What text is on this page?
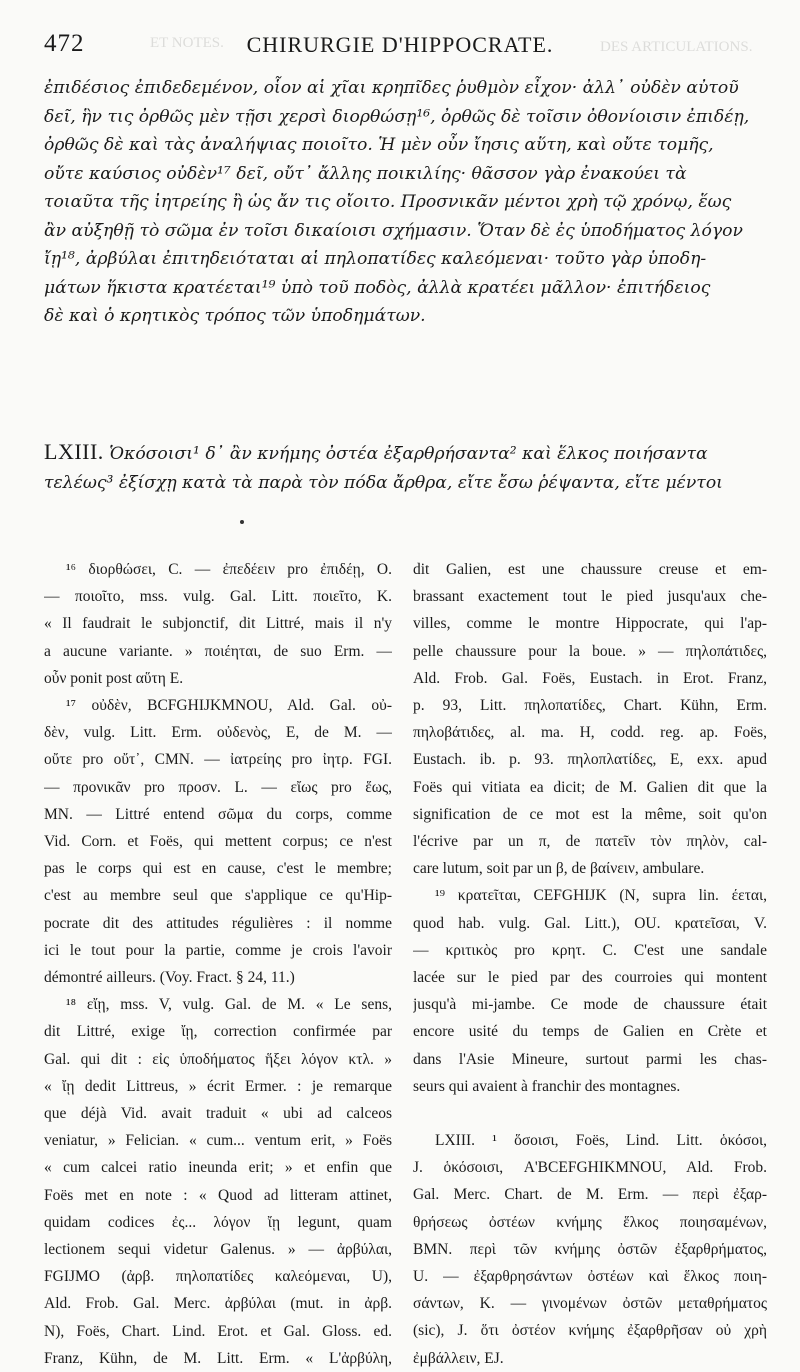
DES ARTICULATIONS.
ET NOTES.
472	CHIRURGIE D'HIPPOCRATE.
ἐπιδέσιος ἐπιδεδεμένον, οἷον αἱ χῖαι κρηπῖδες ῥυθμὸν εἶχον· ἀλλ᾽ οὐδὲν αὐτοῦ
δεῖ, ἣν τις ὀρθῶς μὲν τῇσι χερσὶ διορθώσῃ¹⁶, ὀρθῶς δὲ τοῖσιν ὀθονίοισιν ἐπιδέῃ,
ὀρθῶς δὲ καὶ τὰς ἀναλήψιας ποιοῖτο. Ἡ μὲν οὖν ἴησις αὕτη, καὶ οὔτε τομῆς,
οὔτε καύσιος οὐδὲν¹⁷ δεῖ, οὔτ᾽ ἄλλης ποικιλίης· θᾶσσον γὰρ ἐνακούει τὰ
τοιαῦτα τῆς ἰητρείης ἢ ὡς ἄν τις οἴοιτο. Προσνικᾶν μέντοι χρὴ τῷ χρόνῳ, ἕως
ἂν αὐξηθῇ τὸ σῶμα ἐν τοῖσι δικαίοισι σχήμασιν. Ὅταν δὲ ἐς ὑποδήματος λόγον
ἴῃ¹⁸, ἀρβύλαι ἐπιτηδειόταται αἱ πηλοπατίδες καλεόμεναι· τοῦτο γὰρ ὑποδη-
μάτων ἥκιστα κρατέεται¹⁹ ὑπὸ τοῦ ποδὸς, ἀλλὰ κρατέει μᾶλλον· ἐπιτήδειος
δὲ καὶ ὁ κρητικὸς τρόπος τῶν ὑποδημάτων.
LXIII. Ὁκόσοισι¹ δ᾽ ἂν κνήμης ὀστέα ἐξαρθρήσαντα² καὶ ἕλκος ποιήσαντα
τελέως³ ἐξίσχῃ κατὰ τὰ παρὰ τὸν πόδα ἄρθρα, εἴτε ἔσω ῥέψαντα, εἴτε μέντοι
¹⁶ διορθώσει, C. — ἐπεδέειν pro ἐπιδέῃ, O.
— ποιοῖτο, mss. vulg. Gal. Litt. ποιεῖτο, K.
« Il faudrait le subjonctif, dit Littré, mais il n'y
a aucune variante. » ποιέηται, de suo Erm. —
οὖν ponit post αὕτη E.
¹⁷ οὐδὲν, BCFGHIJKMNOU, Ald. Gal. οὐ-
δὲν, vulg. Litt. Erm. οὐδενὸς, E, de M. —
οὔτε pro οὔτ᾽, CMN. — ἰατρείης pro ἰητρ. FGI.
— προνικᾶν pro προσν. L. — εἴως pro ἕως,
MN. — Littré entend σῶμα du corps, comme
Vid. Corn. et Foës, qui mettent corpus; ce n'est
pas le corps qui est en cause, c'est le membre;
c'est au membre seul que s'applique ce qu'Hip-
pocrate dit des attitudes régulières : il nomme
ici le tout pour la partie, comme je crois l'avoir
démontré ailleurs. (Voy. Fract. § 24, 11.)
¹⁸ εἴῃ, mss. V, vulg. Gal. de M. « Le sens,
dit Littré, exige ἴῃ, correction confirmée par
Gal. qui dit : εἰς ὑποδήματος ἥξει λόγον κτλ. »
« ἴῃ dedit Littreus, » écrit Ermer. : je remarque
que déjà Vid. avait traduit « ubi ad calceos
veniatur, » Felician. « cum... ventum erit, » Foës
« cum calcei ratio ineunda erit; » et enfin que
Foës met en note : « Quod ad litteram attinet,
quidam codices ἐς... λόγον ἴῃ legunt, quam
lectionem sequi videtur Galenus. » — ἀρβύλαι,
FGIJMO (ἀρβ. πηλοπατίδες καλεόμεναι, U),
Ald. Frob. Gal. Merc. ἀρβύλαι (mut. in ἀρβ.
N), Foës, Chart. Lind. Erot. et Gal. Gloss. ed.
Franz, Kühn, de M. Litt. Erm. « L'ἀρβύλη,
dit Galien, est une chaussure creuse et em-
brassant exactement tout le pied jusqu'aux che-
villes, comme le montre Hippocrate, qui l'ap-
pelle chaussure pour la boue. » — πηλοπάτιδες,
Ald. Frob. Gal. Foës, Eustach. in Erot. Franz,
p. 93, Litt. πηλοπατίδες, Chart. Kühn, Erm.
πηλοβάτιδες, al. ma. H, codd. reg. ap. Foës,
Eustach. ib. p. 93. πηλοπλατίδες, E, exx. apud
Foës qui vitiata ea dicit; de M. Galien dit que la
signification de ce mot est la même, soit qu'on
l'écrive par un π, de πατεῖν τὸν πηλὸν, cal-
care lutum, soit par un β, de βαίνειν, ambulare.
¹⁹ κρατεῖται, CEFGHIJK (N, supra lin. έεται,
quod hab. vulg. Gal. Litt.), OU. κρατεῖσαι, V.
— κριτικὸς pro κρητ. C. C'est une sandale
lacée sur le pied par des courroies qui montent
jusqu'à mi-jambe. Ce mode de chaussure était
encore usité du temps de Galien en Crète et
dans l'Asie Mineure, surtout parmi les chas-
seurs qui avaient à franchir des montagnes.
LXIII. ¹ ὅσοισι, Foës, Lind. Litt. ὁκόσοι,
J. ὁκόσοισι, A'BCEFGHIKMNOU, Ald. Frob.
Gal. Merc. Chart. de M. Erm. — περὶ ἐξαρ-
θρήσεως ὀστέων κνήμης ἕλκος ποιησαμένων,
BMN. περὶ τῶν κνήμης ὀστῶν ἐξαρθρήματος,
U. — ἐξαρθρησάντων ὀστέων καὶ ἕλκος ποιη-
σάντων, K. — γινομένων ὀστῶν μεταθρήματος
(sic), J. ὅτι ὀστέον κνήμης ἐξαρθρῆσαν οὐ χρὴ
ἐμβάλλειν, EJ.
